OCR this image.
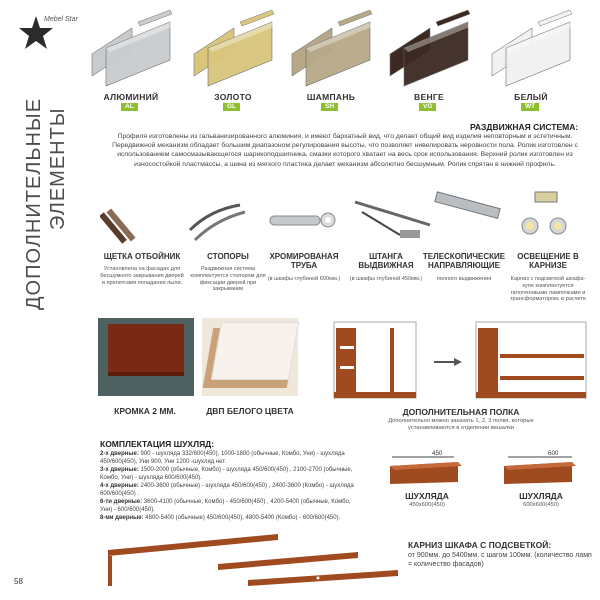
Mebel Star
ДОПОЛНИТЕЛЬНЫЕ ЭЛЕМЕНТЫ
АЛЮМИНИЙ
AL
ЗОЛОТО
GL
ШАМПАНЬ
SH
ВЕНГЕ
VG
БЕЛЫЙ
WT
РАЗДВИЖНАЯ СИСТЕМА:
Профиля изготовлены из гальванизированного алюминия, и имеют бархатный вид, что делает общий вид изделия неповторным и эстетичным. Передвижной механизм обладает большим диапазоном регулирования высоты, что позволяет нивелировать неровности пола. Ролик изготовлен с использованием самосмазывающегося шарикоподшипника, смазки которого хватает на весь срок использования. Верхний ролик изготовлен из износостойкой пластмассы, а шина из мягкого пластика делает механизм абсолютно бесшумным. Ролик спрятан в нижний профиль.
ЩЕТКА ОТБОЙНИК
Установлена на фасадах для бесшумного закрывания дверей и препятсвия попадания пыли.
СТОПОРЫ
Раздвижная система комплектуется стопором для фиксации дверей при закрывании
ХРОМИРОВАНАЯ ТРУБА
(в шкафы глубиной 600мм.)
ШТАНГА ВЫДВИЖНАЯ
(в шкафы глубиной 450мм.)
ТЕЛЕСКОПИЧЕСКИЕ НАПРАВЛЯЮЩИЕ
полного выдвижения
ОСВЕЩЕНИЕ В КАРНИЗЕ
Карниз с подсветкой шкафа-купе комплектуется галогеновыми лампочками и трансформатором, в расчете
КРОМКА 2 ММ.	ДВП БЕЛОГО ЦВЕТА	ДОПОЛНИТЕЛЬНАЯ ПОЛКА
Дополнительно можно заказать 1, 2, 3 полки, которые устанавливаются в отделении вешалки
КОМПЛЕКТАЦИЯ ШУХЛЯД:
2-х дверные: 900 - шухляда 332/600(450), 1000-1800 (обычные, Комбо, Уни) - шухляда 450/600(450), Уни 900, Уни 1200 -шухляд нет.
3-х дверные: 1500-2000 (обычные, Комбо) - шухляда 450/600(450) , 2100-2700 (обычные, Комбо, Уни) - шухляда 600/600(450).
4-х дверные: 2400-3600 (обычные) - шухляда 450/600(450) , 2400-3600 (Комбо) - шухляда 600/600(450) .
6-ти дверные: 3600-4100 (обычные, Комбо) - 450/600(450) , 4200-5400 (обычные, Комбо, Уни) - 600/600(450).
8-ми дверные: 4800-5400 (обычные) 450/600(450), 4800-5400 (Комбо) - 600/600(450).
450	600
ШУХЛЯДА
450х600(450)
ШУХЛЯДА
600х600(450)
КАРНИЗ ШКАФА С ПОДСВЕТКОЙ:
от 900мм. до 5400мм. с шагом 100мм. (количество ламп = количество фасадов)
58
